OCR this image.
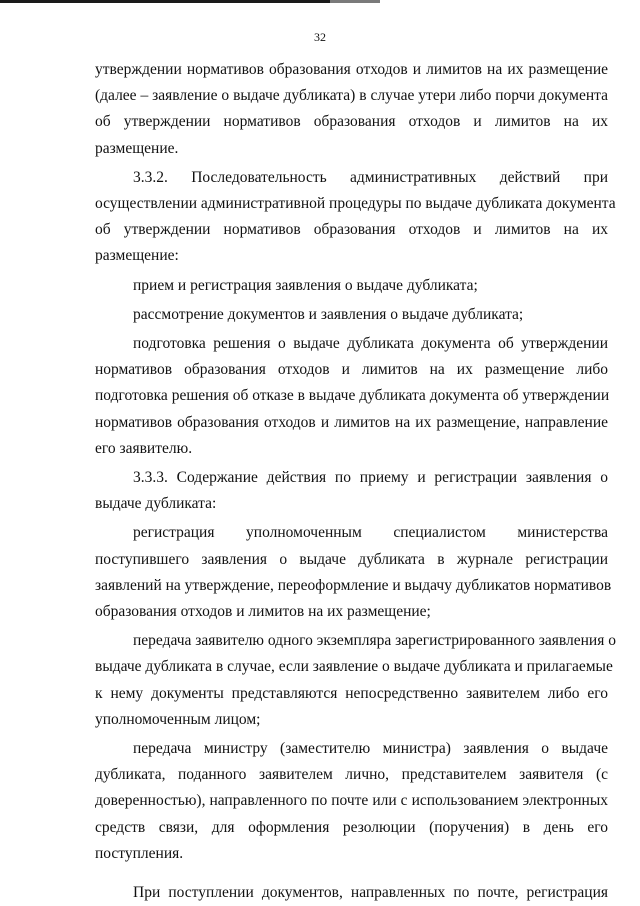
32
утверждении нормативов образования отходов и лимитов на их размещение
(далее – заявление о выдаче дубликата) в случае утери либо порчи документа
об утверждении нормативов образования отходов и лимитов на их
размещение.
3.3.2. Последовательность административных действий при
осуществлении административной процедуры по выдаче дубликата документа
об утверждении нормативов образования отходов и лимитов на их
размещение:
прием и регистрация заявления о выдаче дубликата;
рассмотрение документов и заявления о выдаче дубликата;
подготовка решения о выдаче дубликата документа об утверждении
нормативов образования отходов и лимитов на их размещение либо
подготовка решения об отказе в выдаче дубликата документа об утверждении
нормативов образования отходов и лимитов на их размещение, направление
его заявителю.
3.3.3. Содержание действия по приему и регистрации заявления о
выдаче дубликата:
регистрация уполномоченным специалистом министерства
поступившего заявления о выдаче дубликата в журнале регистрации
заявлений на утверждение, переоформление и выдачу дубликатов нормативов
образования отходов и лимитов на их размещение;
передача заявителю одного экземпляра зарегистрированного заявления о
выдаче дубликата в случае, если заявление о выдаче дубликата и прилагаемые
к нему документы представляются непосредственно заявителем либо его
уполномоченным лицом;
передача министру (заместителю министра) заявления о выдаче
дубликата, поданного заявителем лично, представителем заявителя (с
доверенностью), направленного по почте или с использованием электронных
средств связи, для оформления резолюции (поручения) в день его
поступления.
При поступлении документов, направленных по почте, регистрация
